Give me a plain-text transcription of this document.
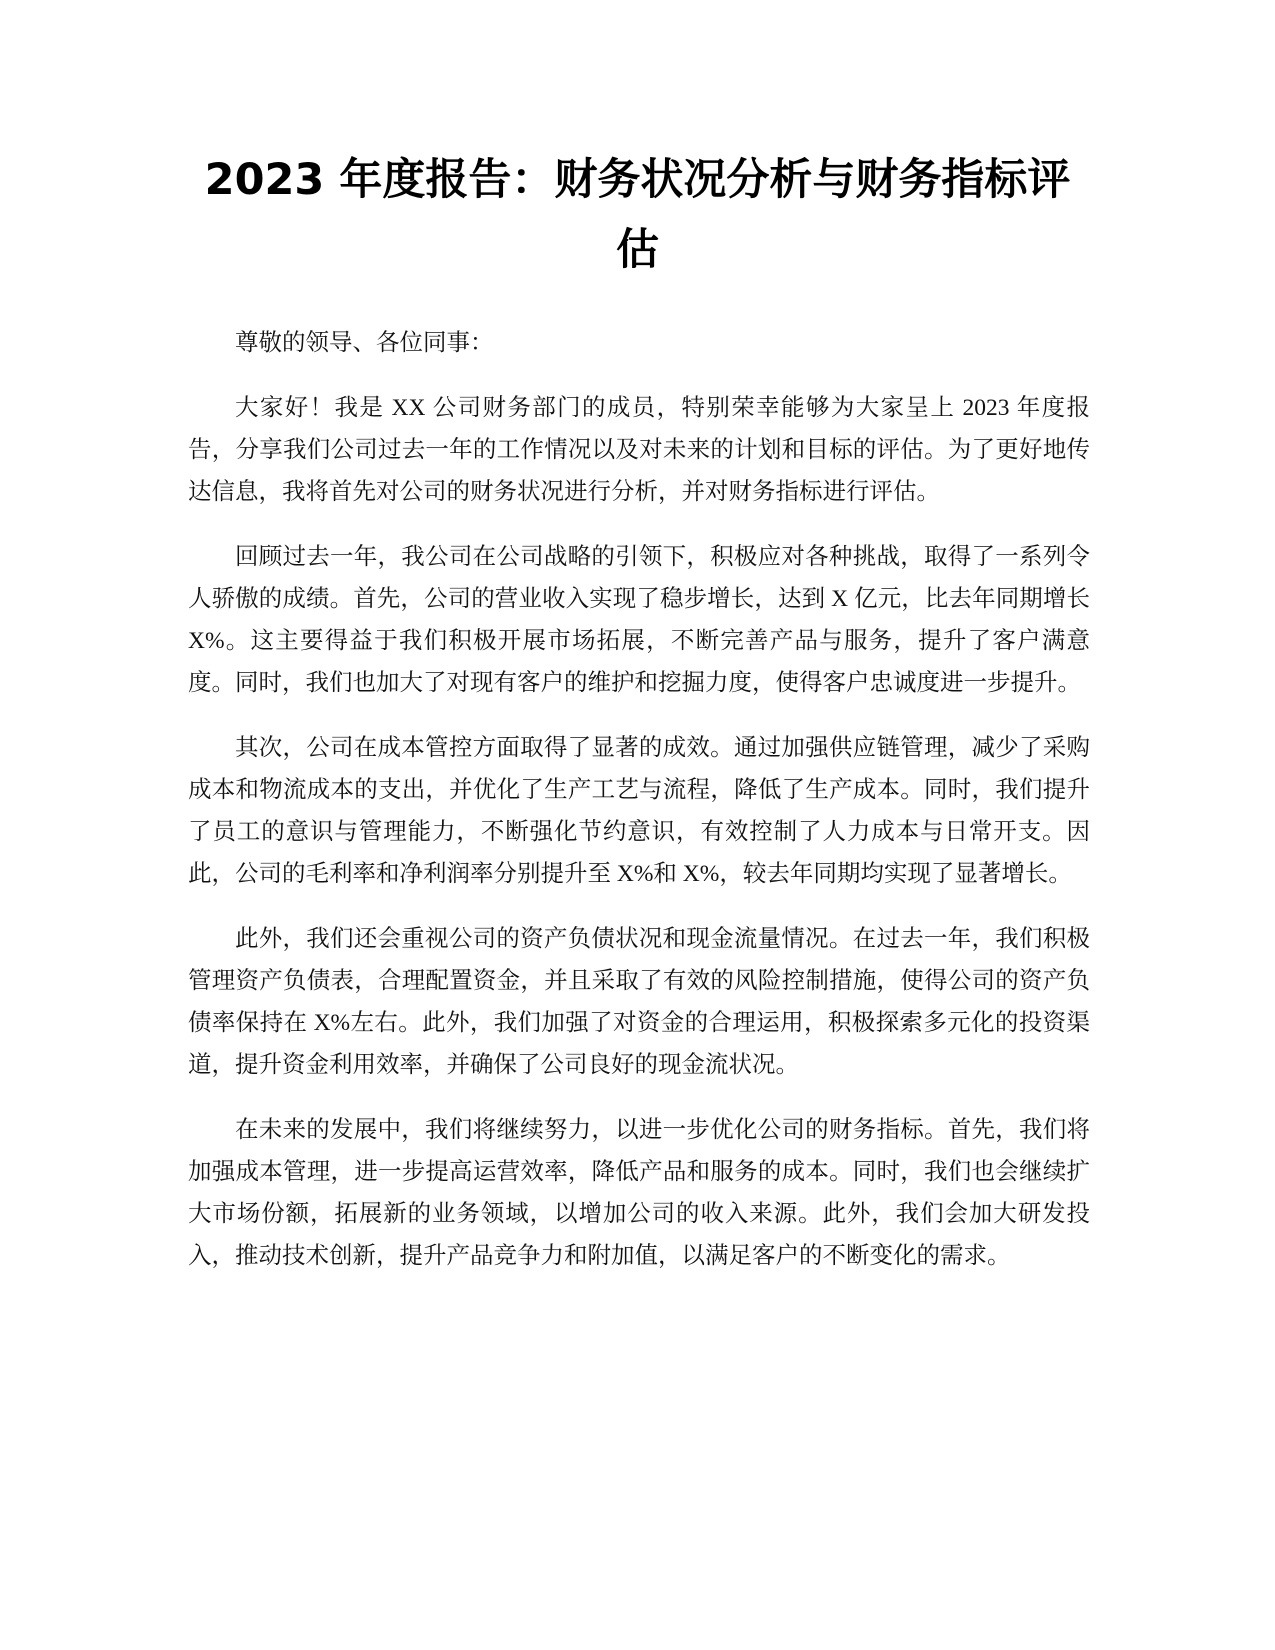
2023 年度报告：财务状况分析与财务指标评估

尊敬的领导、各位同事：

大家好！我是 XX 公司财务部门的成员，特别荣幸能够为大家呈上 2023 年度报告，分享我们公司过去一年的工作情况以及对未来的计划和目标的评估。为了更好地传达信息，我将首先对公司的财务状况进行分析，并对财务指标进行评估。

回顾过去一年，我公司在公司战略的引领下，积极应对各种挑战，取得了一系列令人骄傲的成绩。首先，公司的营业收入实现了稳步增长，达到 X 亿元，比去年同期增长 X%。这主要得益于我们积极开展市场拓展，不断完善产品与服务，提升了客户满意度。同时，我们也加大了对现有客户的维护和挖掘力度，使得客户忠诚度进一步提升。

其次，公司在成本管控方面取得了显著的成效。通过加强供应链管理，减少了采购成本和物流成本的支出，并优化了生产工艺与流程，降低了生产成本。同时，我们提升了员工的意识与管理能力，不断强化节约意识，有效控制了人力成本与日常开支。因此，公司的毛利率和净利润率分别提升至 X%和 X%，较去年同期均实现了显著增长。

此外，我们还会重视公司的资产负债状况和现金流量情况。在过去一年，我们积极管理资产负债表，合理配置资金，并且采取了有效的风险控制措施，使得公司的资产负债率保持在 X%左右。此外，我们加强了对资金的合理运用，积极探索多元化的投资渠道，提升资金利用效率，并确保了公司良好的现金流状况。

在未来的发展中，我们将继续努力，以进一步优化公司的财务指标。首先，我们将加强成本管理，进一步提高运营效率，降低产品和服务的成本。同时，我们也会继续扩大市场份额，拓展新的业务领域，以增加公司的收入来源。此外，我们会加大研发投入，推动技术创新，提升产品竞争力和附加值，以满足客户的不断变化的需求。
